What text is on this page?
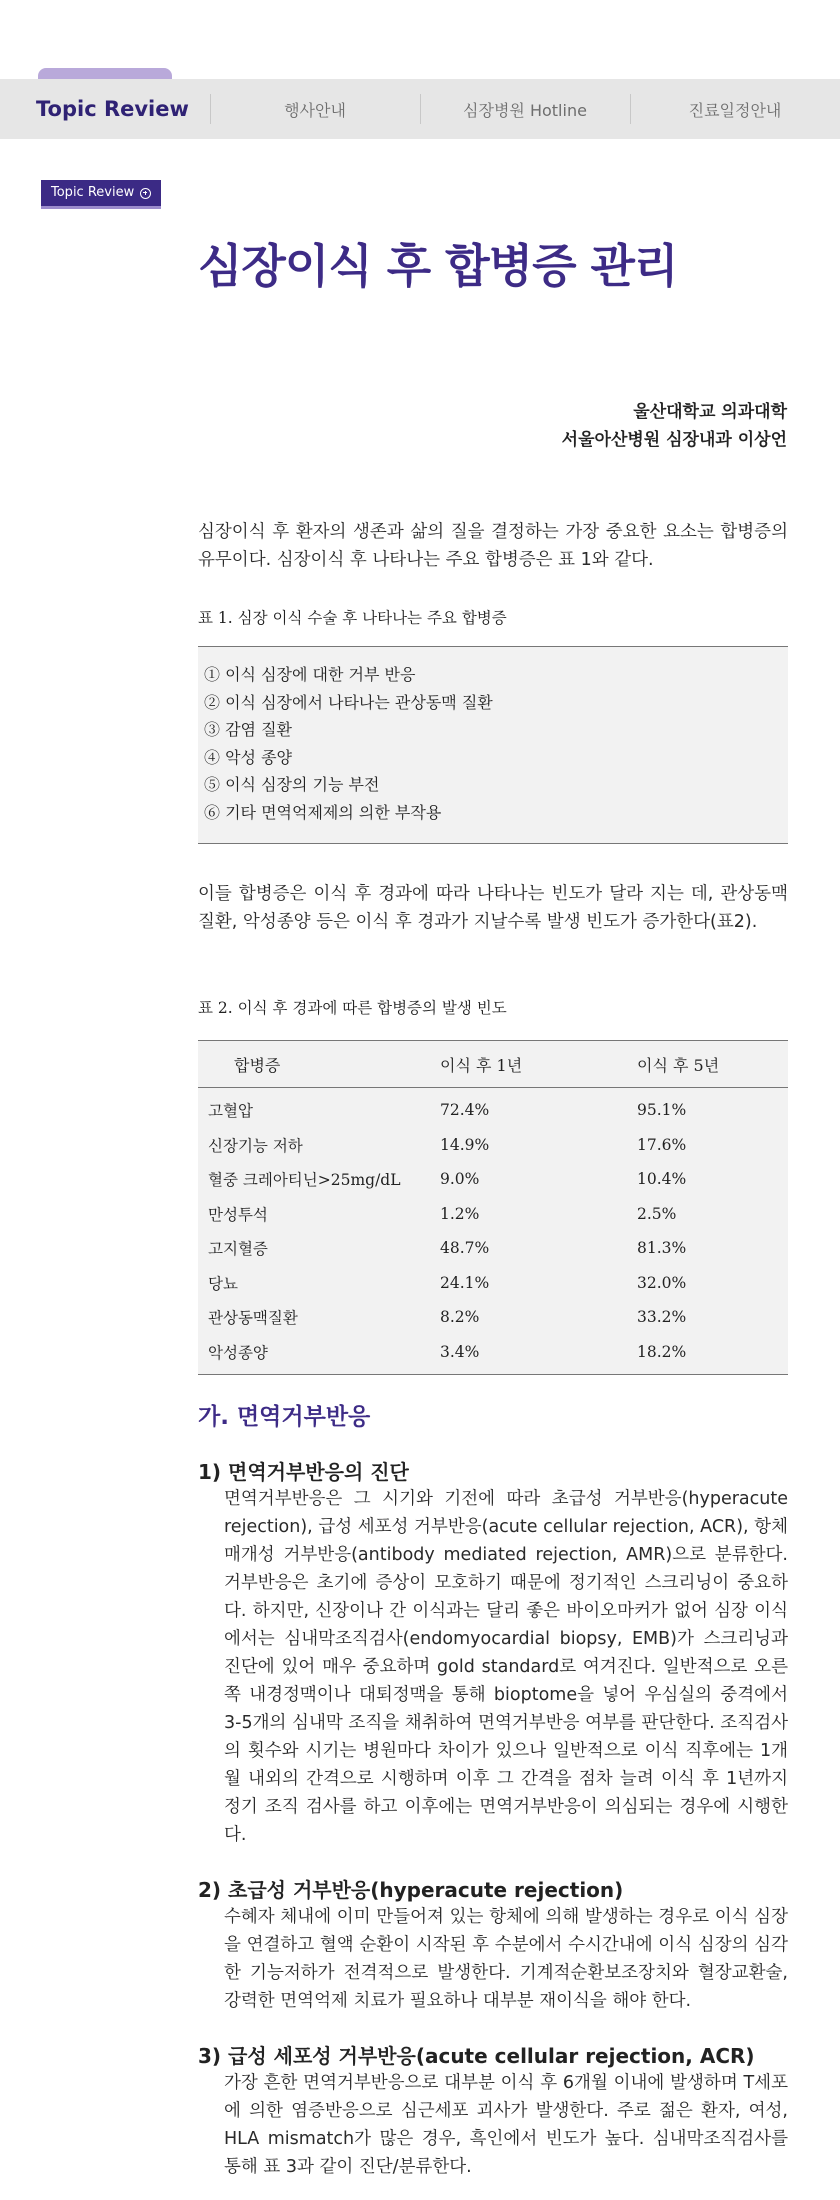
Topic Review	행사안내	심장병원 Hotline	진료일정안내
Topic Review
심장이식 후 합병증 관리
울산대학교 의과대학
서울아산병원 심장내과 이상언

심장이식 후 환자의 생존과 삶의 질을 결정하는 가장 중요한 요소는 합병증의 유무이다. 심장이식 후 나타나는 주요 합병증은 표 1와 같다.

표 1. 심장 이식 수술 후 나타나는 주요 합병증

① 이식 심장에 대한 거부 반응
② 이식 심장에서 나타나는 관상동맥 질환
③ 감염 질환
④ 악성 종양
⑤ 이식 심장의 기능 부전
⑥ 기타 면역억제제의 의한 부작용

이들 합병증은 이식 후 경과에 따라 나타나는 빈도가 달라 지는 데, 관상동맥 질환, 악성종양 등은 이식 후 경과가 지날수록 발생 빈도가 증가한다(표2).

표 2. 이식 후 경과에 따른 합병증의 발생 빈도

합병증	이식 후 1년	이식 후 5년
고혈압	72.4%	95.1%
신장기능 저하	14.9%	17.6%
혈중 크레아티닌>25mg/dL	9.0%	10.4%
만성투석	1.2%	2.5%
고지혈증	48.7%	81.3%
당뇨	24.1%	32.0%
관상동맥질환	8.2%	33.2%
악성종양	3.4%	18.2%
가. 면역거부반응
1) 면역거부반응의 진단

면역거부반응은 그 시기와 기전에 따라 초급성 거부반응(hyperacute rejection), 급성 세포성 거부반응(acute cellular rejection, ACR), 항체매개성 거부반응(antibody mediated rejection, AMR)으로 분류한다. 거부반응은 초기에 증상이 모호하기 때문에 정기적인 스크리닝이 중요하다. 하지만, 신장이나 간 이식과는 달리 좋은 바이오마커가 없어 심장 이식에서는 심내막조직검사(endomyocardial biopsy, EMB)가 스크리닝과 진단에 있어 매우 중요하며 gold standard로 여겨진다. 일반적으로 오른쪽 내경정맥이나 대퇴정맥을 통해 bioptome을 넣어 우심실의 중격에서 3-5개의 심내막 조직을 채취하여 면역거부반응 여부를 판단한다. 조직검사의 횟수와 시기는 병원마다 차이가 있으나 일반적으로 이식 직후에는 1개월 내외의 간격으로 시행하며 이후 그 간격을 점차 늘려 이식 후 1년까지 정기 조직 검사를 하고 이후에는 면역거부반응이 의심되는 경우에 시행한다.

2) 초급성 거부반응(hyperacute rejection)

수혜자 체내에 이미 만들어져 있는 항체에 의해 발생하는 경우로 이식 심장을 연결하고 혈액 순환이 시작된 후 수분에서 수시간내에 이식 심장의 심각한 기능저하가 전격적으로 발생한다. 기계적순환보조장치와 혈장교환술, 강력한 면역억제 치료가 필요하나 대부분 재이식을 해야 한다.

3) 급성 세포성 거부반응(acute cellular rejection, ACR)

가장 흔한 면역거부반응으로 대부분 이식 후 6개월 이내에 발생하며 T세포에 의한 염증반응으로 심근세포 괴사가 발생한다. 주로 젊은 환자, 여성, HLA mismatch가 많은 경우, 흑인에서 빈도가 높다. 심내막조직검사를 통해 표 3과 같이 진단/분류한다.
